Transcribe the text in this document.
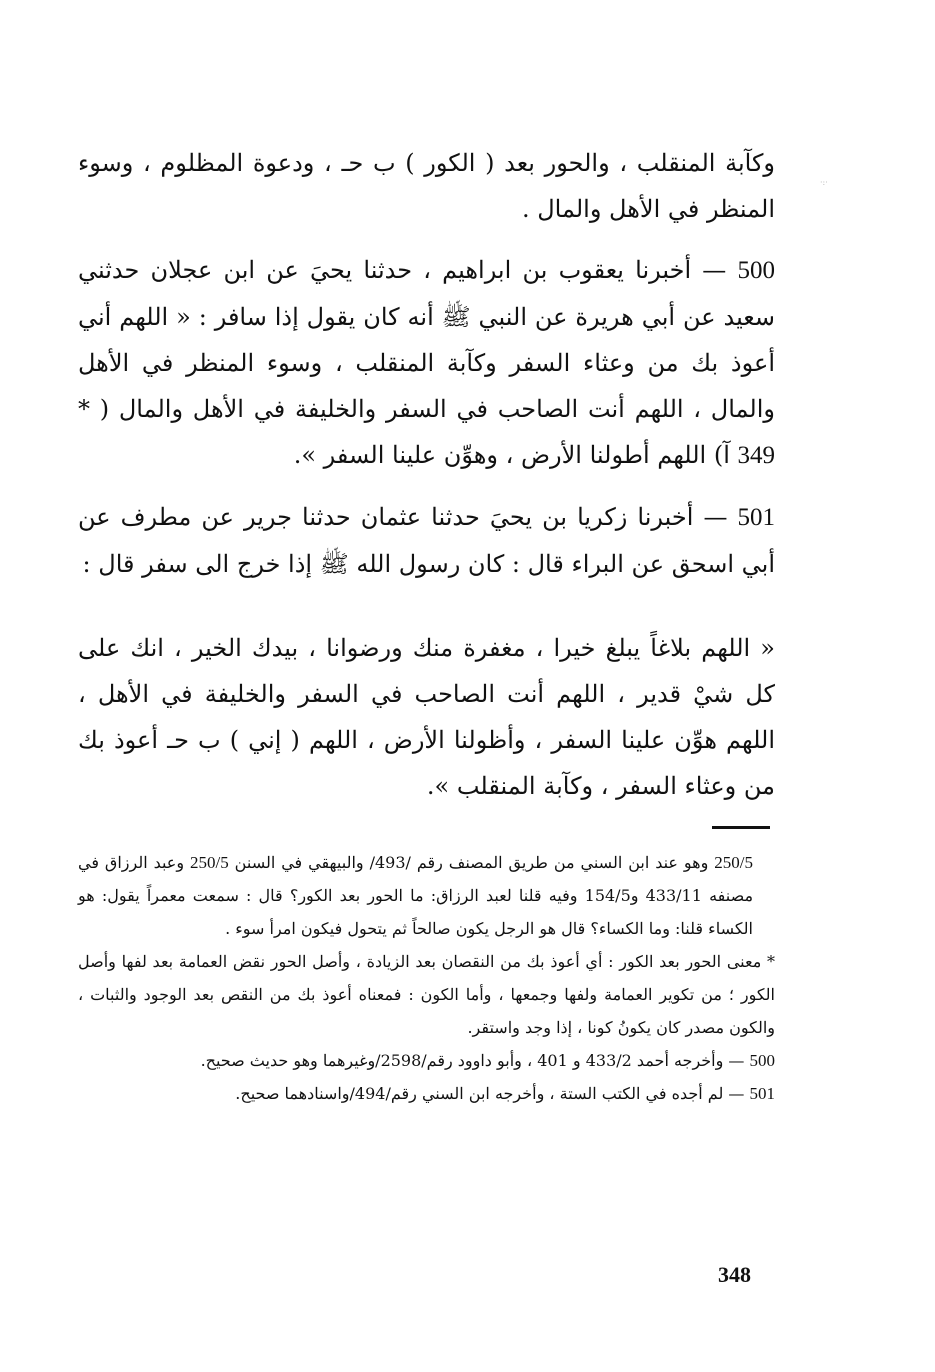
·:·

وكآبة المنقلب ، والحور بعد ( الكور ) ب حـ ، ودعوة المظلوم ، وسوء المنظر في الأهل والمال .

500 — أخبرنا يعقوب بن ابراهيم ، حدثنا يحيَ عن ابن عجلان حدثني سعيد عن أبي هريرة عن النبي ﷺ أنه كان يقول إذا سافر : « اللهم أني أعوذ بك من وعثاء السفر وكآبة المنقلب ، وسوء المنظر في الأهل والمال ، اللهم أنت الصاحب في السفر والخليفة في الأهل والمال ( * 349 آ) اللهم أطولنا الأرض ، وهوِّن علينا السفر ».

501 — أخبرنا زكريا بن يحيَ حدثنا عثمان حدثنا جرير عن مطرف عن أبي اسحق عن البراء قال : كان رسول الله ﷺ إذا خرج الى سفر قال :

« اللهم بلاغاً يبلغ خيرا ، مغفرة منك ورضوانا ، بيدك الخير ، انك على كل شيْ قدير ، اللهم أنت الصاحب في السفر والخليفة في الأهل ، اللهم هوِّن علينا السفر ، وأظولنا الأرض ، اللهم ( إني ) ب حـ أعوذ بك من وعثاء السفر ، وكآبة المنقلب ».

250/5 وهو عند ابن السني من طريق المصنف رقم /493/ والبيهقي في السنن 250/5 وعبد الرزاق في مصنفه 433/11 و154/5 وفيه قلنا لعبد الرزاق: ما الحور بعد الكور؟ قال : سمعت معمراً يقول: هو الكساء قلنا: وما الكساء؟ قال هو الرجل يكون صالحاً ثم يتحول فيكون امرأ سوء .
* معنى الحور بعد الكور : أي أعوذ بك من النقصان بعد الزيادة ، وأصل الحور نقض العمامة بعد لفها وأصل الكور ؛ من تكوير العمامة ولفها وجمعها ، وأما الكون : فمعناه أعوذ بك من النقص بعد الوجود والثبات ، والكون مصدر كان يكونُ كونا ، إذا وجد واستقر.
500 — وأخرجه أحمد 433/2 و 401 ، وأبو داوود رقم/2598/وغيرهما وهو حديث صحيح.
501 — لم أجده في الكتب الستة ، وأخرجه ابن السني رقم/494/واسنادهما صحيح.
348
